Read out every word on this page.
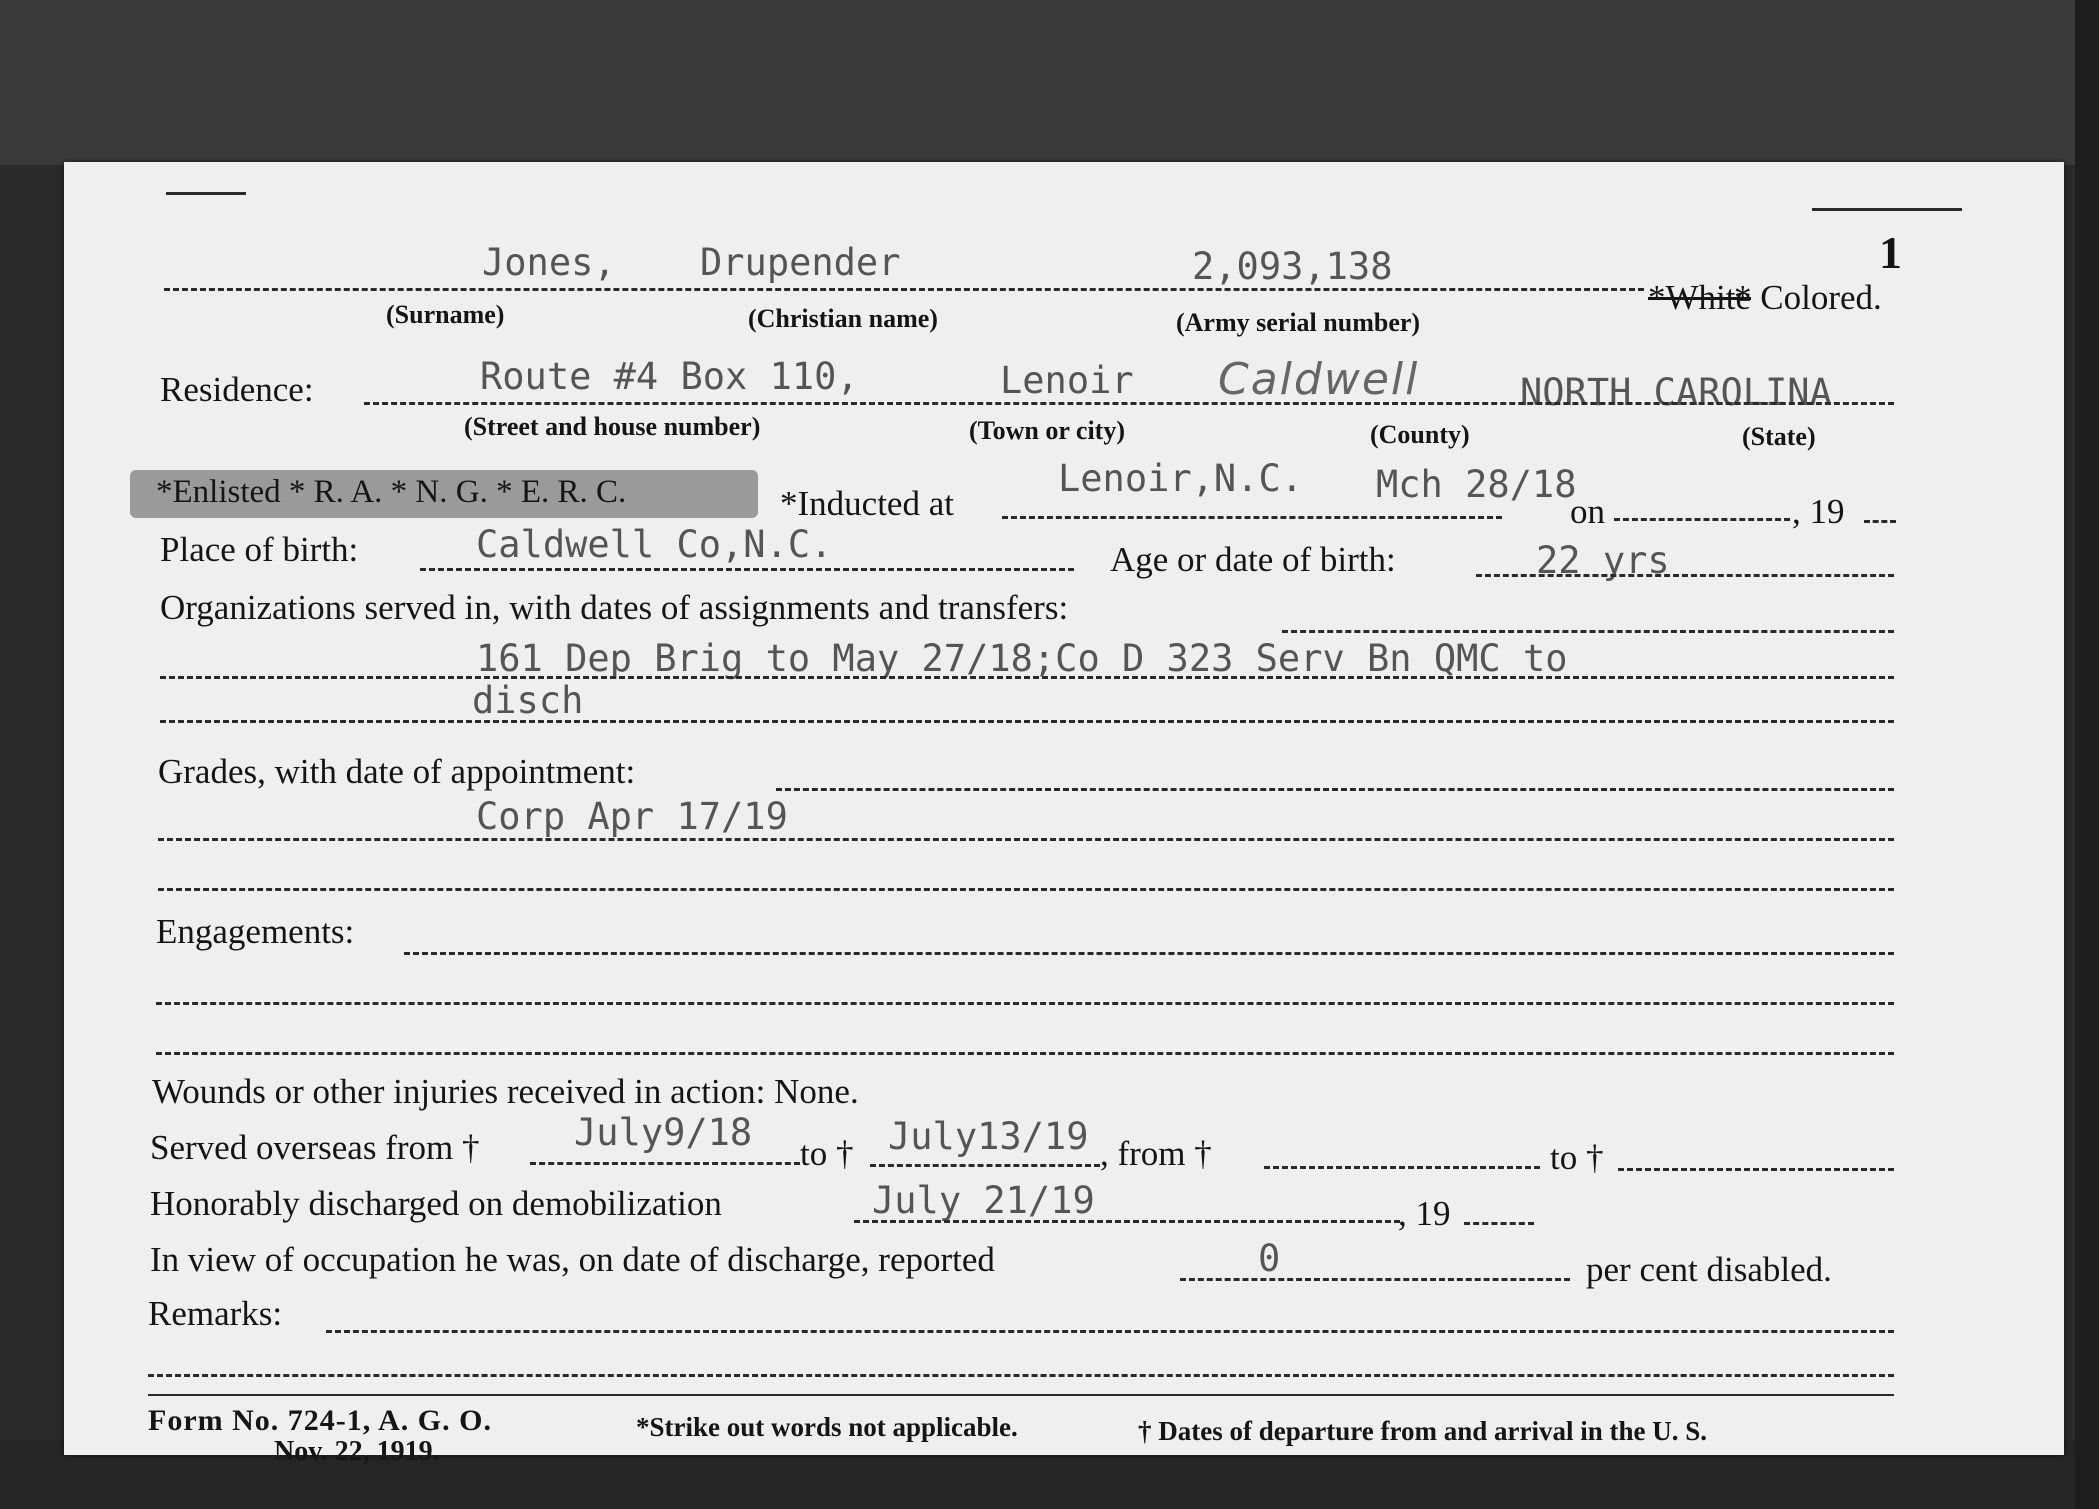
1
Jones, Drupender	2,093,138
*White
* Colored.
(Surname)	(Christian name)	(Army serial number)
Residence:	Route #4 Box 110,	Lenoir Caldwell	NORTH CAROLINA
(Street and house number)	(Town or city)	(County)	(State)
*Enlisted * R. A. * N. G. * E. R. C.	*Inducted at
Lenoir,N.C. Mch 28/18
on	, 19
Place of birth:	Caldwell Co,N.C.	Age or date of birth:	22 yrs
Organizations served in, with dates of assignments and transfers:
161 Dep Brig to May 27/18;Co D 323 Serv Bn QMC to
disch
Grades, with date of appointment:
Corp Apr 17/19
Engagements:
Wounds or other injuries received in action: None.
Served overseas from †	July9/18 to † July13/19 , from †	to †
Honorably discharged on demobilization	July 21/19	, 19
In view of occupation he was, on date of discharge, reported	0	per cent disabled.
Remarks:
Form No. 724-1, A. G. O.
Nov. 22, 1919.
*Strike out words not applicable.	† Dates of departure from and arrival in the U. S.
